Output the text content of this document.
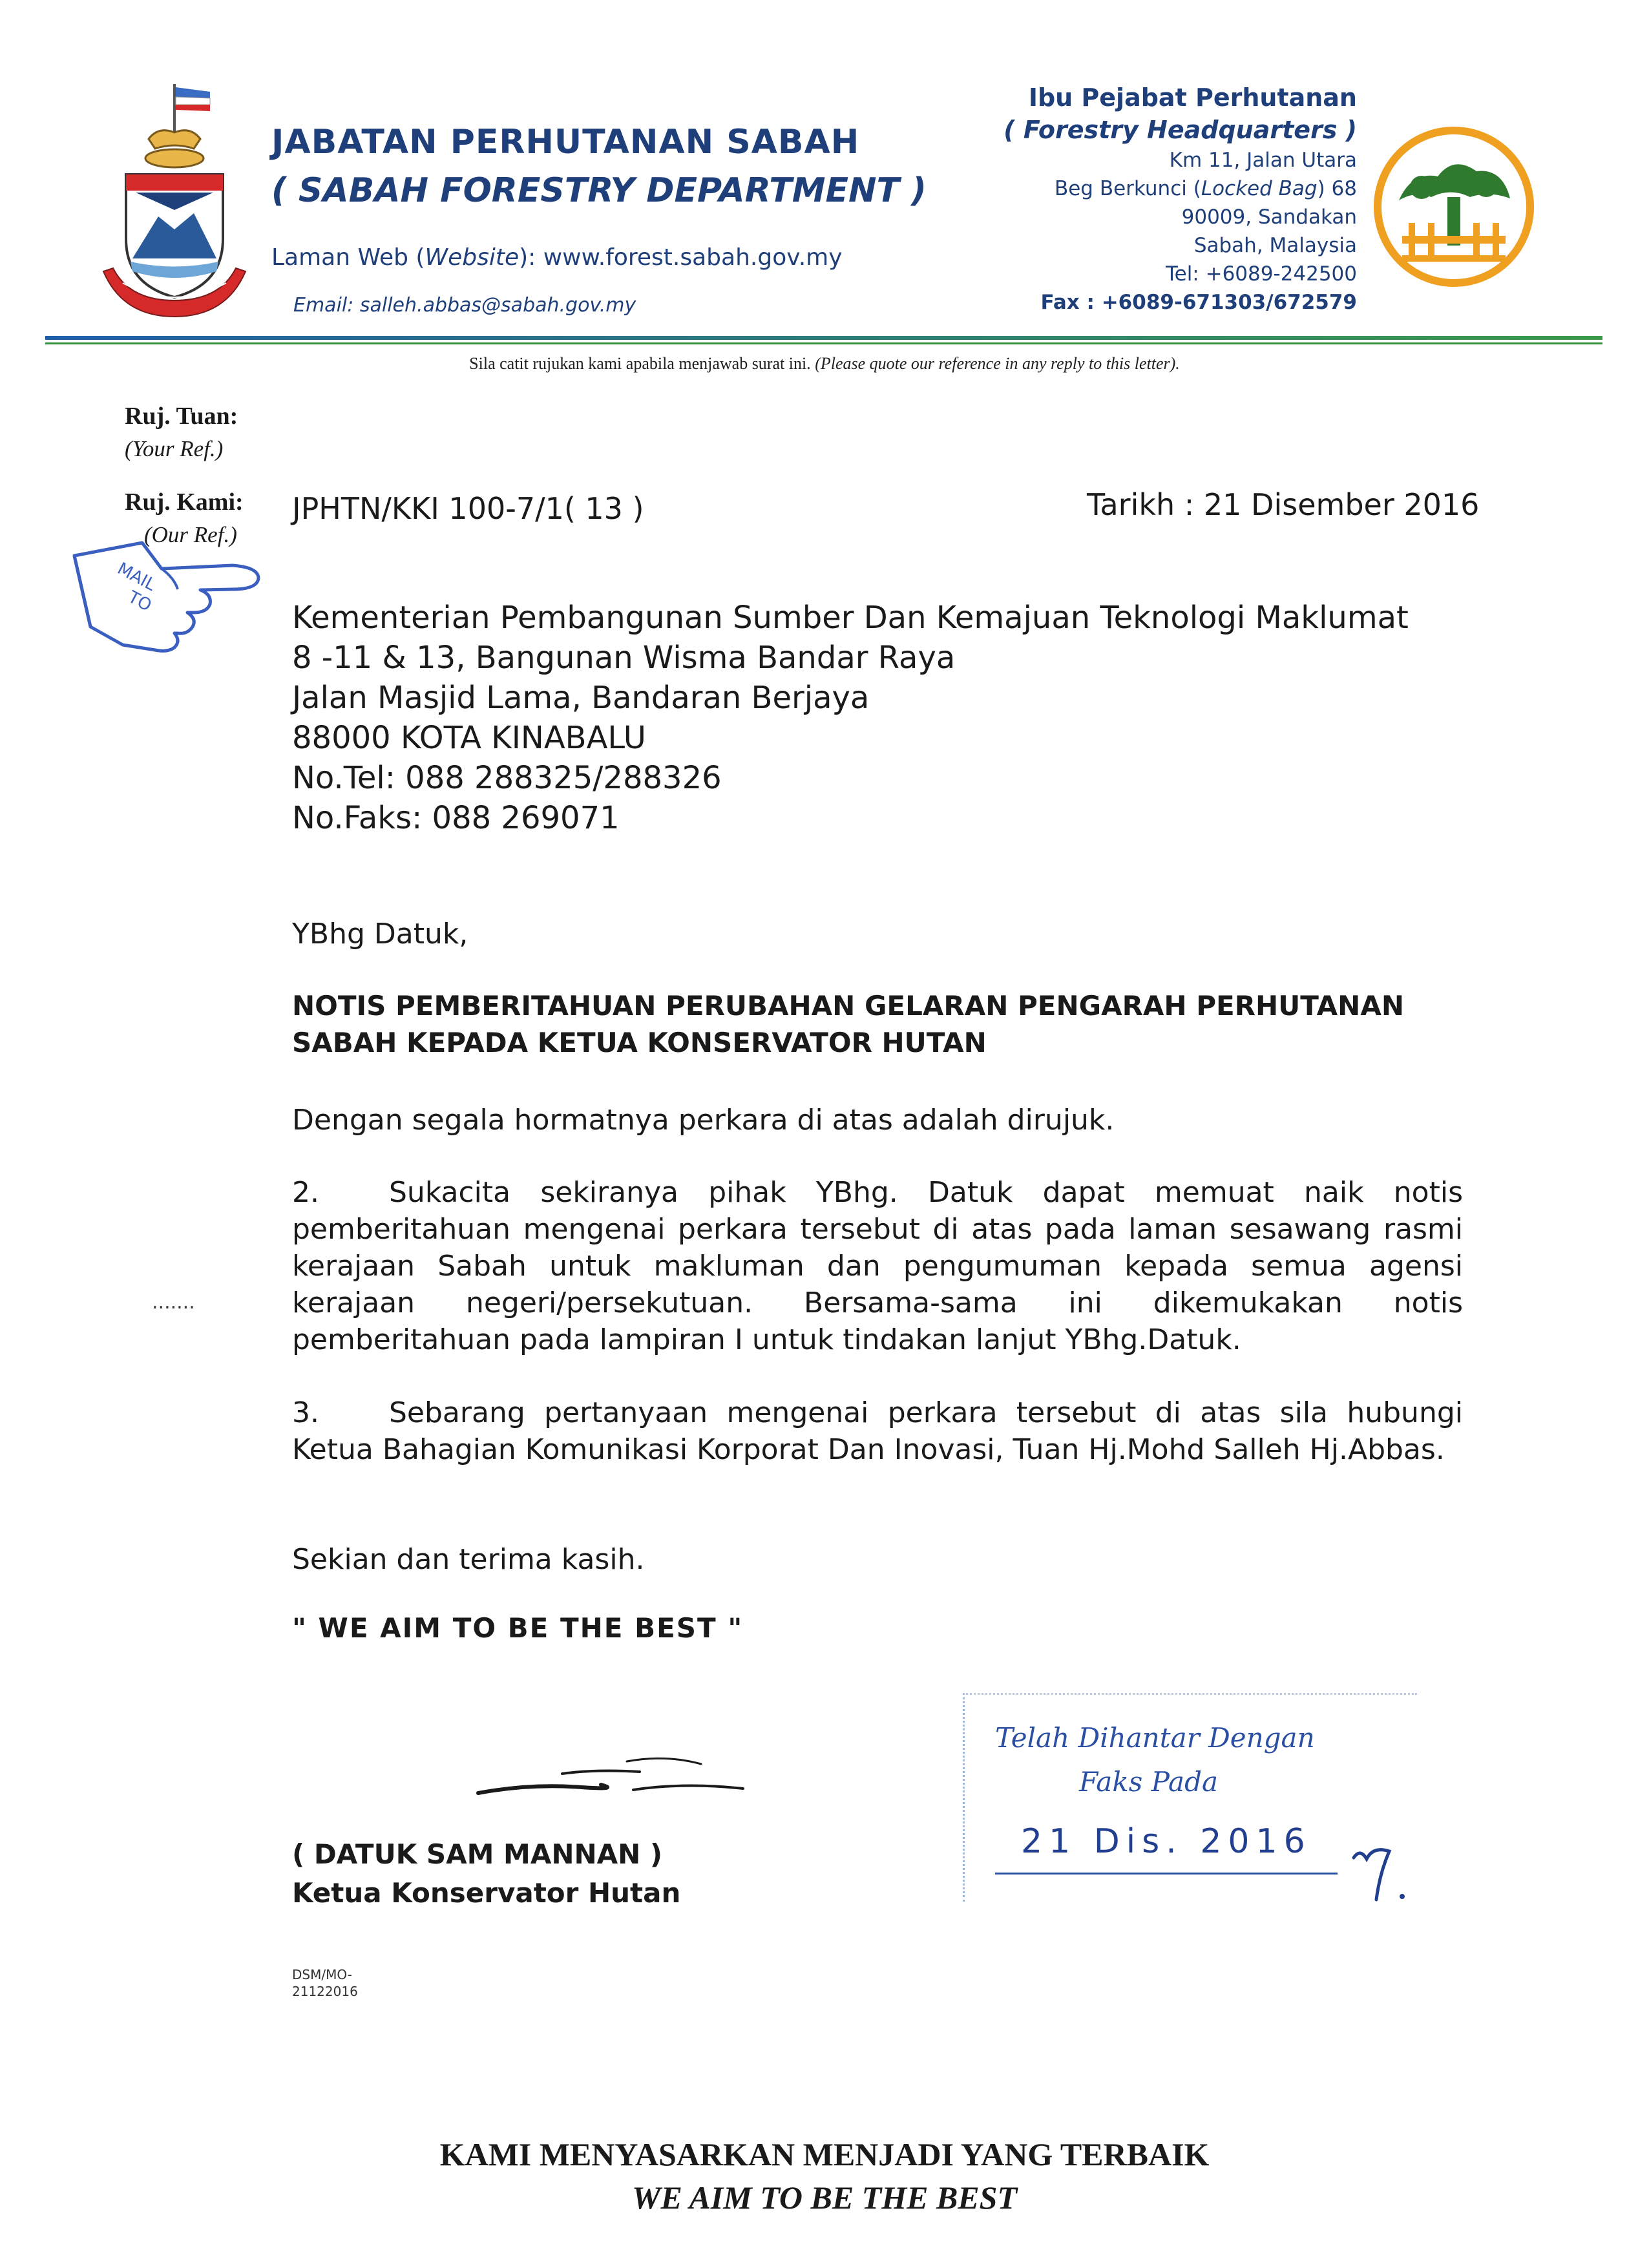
JABATAN PERHUTANAN SABAH
( SABAH FORESTRY DEPARTMENT )
Laman Web (Website): www.forest.sabah.gov.my
Email: salleh.abbas@sabah.gov.my
Ibu Pejabat Perhutanan
( Forestry Headquarters )
Km 11, Jalan Utara
Beg Berkunci (Locked Bag) 68
90009, Sandakan
Sabah, Malaysia
Tel: +6089-242500
Fax : +6089-671303/672579
Sila catit rujukan kami apabila menjawab surat ini. (Please quote our reference in any reply to this letter).
Ruj. Tuan:
(Your Ref.)
Ruj. Kami:
(Our Ref.)
JPHTN/KKI 100-7/1( 13 )	Tarikh : 21 Disember 2016
MAIL
TO	Kementerian Pembangunan Sumber Dan Kemajuan Teknologi Maklumat
8 -11 & 13, Bangunan Wisma Bandar Raya
Jalan Masjid Lama, Bandaran Berjaya
88000 KOTA KINABALU
No.Tel: 088 288325/288326
No.Faks: 088 269071
YBhg Datuk,
NOTIS PEMBERITAHUAN PERUBAHAN GELARAN PENGARAH PERHUTANAN SABAH KEPADA KETUA KONSERVATOR HUTAN
Dengan segala hormatnya perkara di atas adalah dirujuk.
2. Sukacita sekiranya pihak YBhg. Datuk dapat memuat naik notis pemberitahuan mengenai perkara tersebut di atas pada laman sesawang rasmi kerajaan Sabah untuk makluman dan pengumuman kepada semua agensi kerajaan negeri/persekutuan. Bersama-sama ini dikemukakan notis pemberitahuan pada lampiran I untuk tindakan lanjut YBhg.Datuk.
.......
3. Sebarang pertanyaan mengenai perkara tersebut di atas sila hubungi Ketua Bahagian Komunikasi Korporat Dan Inovasi, Tuan Hj.Mohd Salleh Hj.Abbas.
Sekian dan terima kasih.
" WE AIM TO BE THE BEST "
( DATUK SAM MANNAN )
Ketua Konservator Hutan
DSM/MO-
21122016
Telah Dihantar Dengan
Faks Pada
21 Dis. 2016
KAMI MENYASARKAN MENJADI YANG TERBAIK
WE AIM TO BE THE BEST
